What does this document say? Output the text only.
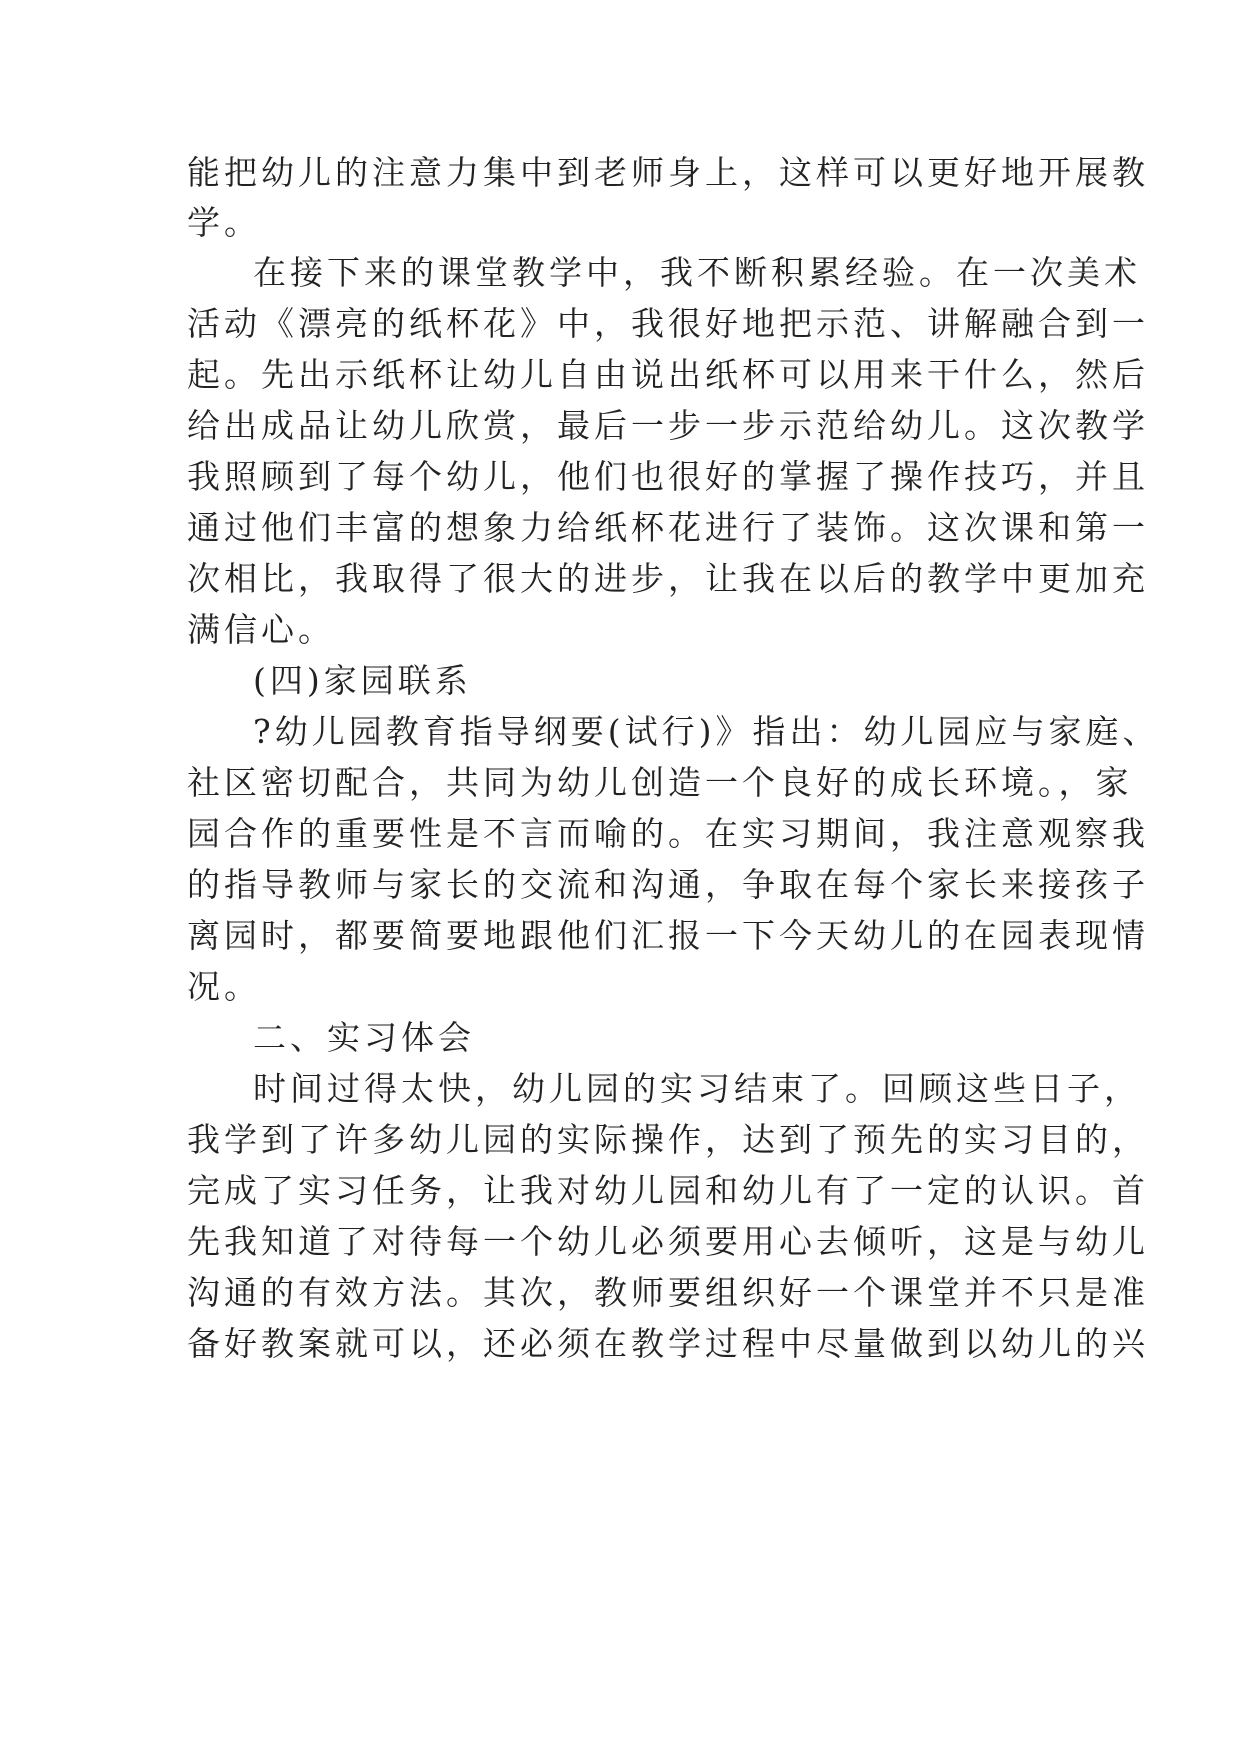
能把幼儿的注意力集中到老师身上，这样可以更好地开展教
学。
在接下来的课堂教学中，我不断积累经验。在一次美术
活动《漂亮的纸杯花》中，我很好地把示范、讲解融合到一
起。先出示纸杯让幼儿自由说出纸杯可以用来干什么，然后
给出成品让幼儿欣赏，最后一步一步示范给幼儿。这次教学
我照顾到了每个幼儿，他们也很好的掌握了操作技巧，并且
通过他们丰富的想象力给纸杯花进行了装饰。这次课和第一
次相比，我取得了很大的进步，让我在以后的教学中更加充
满信心。
(四)家园联系
?幼儿园教育指导纲要(试行)》指出：幼儿园应与家庭、
社区密切配合，共同为幼儿创造一个良好的成长环境。，家
园合作的重要性是不言而喻的。在实习期间，我注意观察我
的指导教师与家长的交流和沟通，争取在每个家长来接孩子
离园时，都要简要地跟他们汇报一下今天幼儿的在园表现情
况。
二、实习体会
时间过得太快，幼儿园的实习结束了。回顾这些日子，
我学到了许多幼儿园的实际操作，达到了预先的实习目的，
完成了实习任务，让我对幼儿园和幼儿有了一定的认识。首
先我知道了对待每一个幼儿必须要用心去倾听，这是与幼儿
沟通的有效方法。其次，教师要组织好一个课堂并不只是准
备好教案就可以，还必须在教学过程中尽量做到以幼儿的兴
